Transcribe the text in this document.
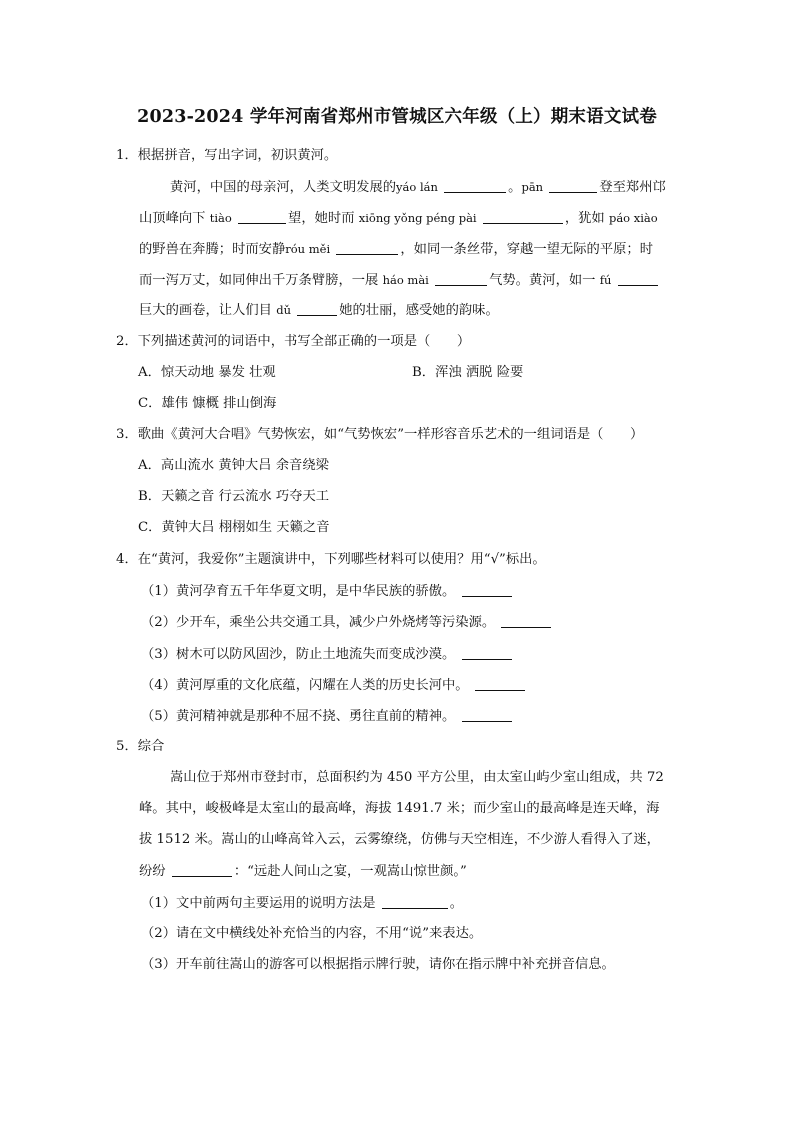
2023-2024 学年河南省郑州市管城区六年级（上）期末语文试卷
1．根据拼音，写出字词，初识黄河。
黄河，中国的母亲河，人类文明发展的yáo lán	。pān	登至郑州邙
山顶峰向下 tiào	望，她时而 xiōng yǒng péng pài	，犹如 páo xiào
的野兽在奔腾；时而安静róu měi	，如同一条丝带，穿越一望无际的平原；时
而一泻万丈，如同伸出千万条臂膀，一展 háo mài	气势。黄河，如一 fú
巨大的画卷，让人们目 dǔ	她的壮丽，感受她的韵味。
2．下列描述黄河的词语中，书写全部正确的一项是（　　）
A．惊天动地 暴发 壮观	B．浑浊 洒脱 险要
C．雄伟 慷概 排山倒海
3．歌曲《黄河大合唱》气势恢宏，如“气势恢宏”一样形容音乐艺术的一组词语是（　　）
A．高山流水 黄钟大吕 余音绕梁
B．天籁之音 行云流水 巧夺天工
C．黄钟大吕 栩栩如生 天籁之音
4．在“黄河，我爱你”主题演讲中，下列哪些材料可以使用？用“√”标出。
（1）黄河孕育五千年华夏文明，是中华民族的骄傲。
（2）少开车，乘坐公共交通工具，减少户外烧烤等污染源。
（3）树木可以防风固沙，防止土地流失而变成沙漠。
（4）黄河厚重的文化底蕴，闪耀在人类的历史长河中。
（5）黄河精神就是那种不屈不挠、勇往直前的精神。
5．综合
嵩山位于郑州市登封市，总面积约为 450 平方公里，由太室山屿少室山组成，共 72
峰。其中，峻极峰是太室山的最高峰，海拔 1491.7 米；而少室山的最高峰是连天峰，海
拔 1512 米。嵩山的山峰高耸入云，云雾缭绕，仿佛与天空相连，不少游人看得入了迷，
纷纷	：“远赴人间山之宴，一观嵩山惊世颜。”
（1）文中前两句主要运用的说明方法是	。
（2）请在文中横线处补充恰当的内容，不用“说”来表达。
（3）开车前往嵩山的游客可以根据指示牌行驶，请你在指示牌中补充拼音信息。
